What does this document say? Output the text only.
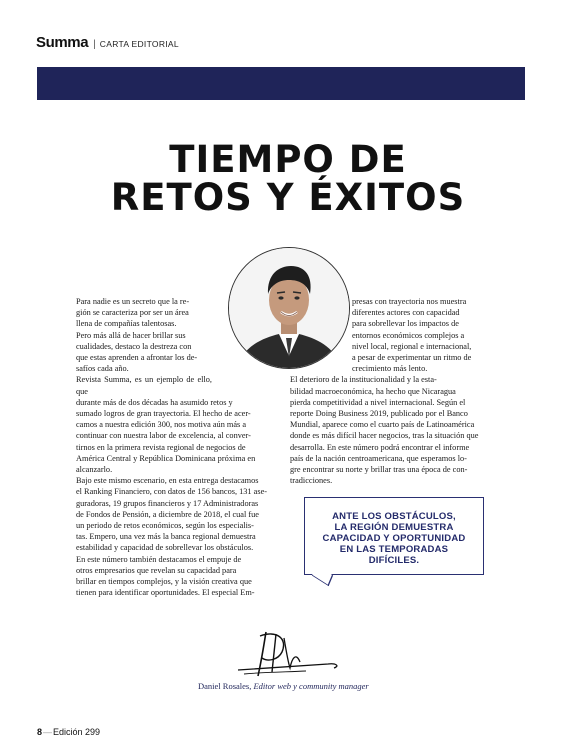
Summa | CARTA EDITORIAL
TIEMPO DE
RETOS Y ÉXITOS

Para nadie es un secreto que la re-

gión se caracteriza por ser un área

llena de compañías talentosas.

Pero más allá de hacer brillar sus

cualidades, destaco la destreza con

que estas aprenden a afrontar los de-

safíos cada año.

Revista Summa, es un ejemplo de ello, que

durante más de dos décadas ha asumido retos y

sumado logros de gran trayectoria. El hecho de acer-

camos a nuestra edición 300, nos motiva aún más a

continuar con nuestra labor de excelencia, al conver-

tirnos en la primera revista regional de negocios de

América Central y República Dominicana próxima en

alcanzarlo.

Bajo este mismo escenario, en esta entrega destacamos

el Ranking Financiero, con datos de 156 bancos, 131 ase-

guradoras, 19 grupos financieros y 17 Administradoras

de Fondos de Pensión, a diciembre de 2018, el cual fue

un periodo de retos económicos, según los especialis-

tas. Empero, una vez más la banca regional demuestra

estabilidad y capacidad de sobrellevar los obstáculos.

En este número también destacamos el empuje de

otros empresarios que revelan su capacidad para

brillar en tiempos complejos, y la visión creativa que

tienen para identificar oportunidades. El especial Em-

presas con trayectoria nos muestra

diferentes actores con capacidad

para sobrellevar los impactos de

entornos económicos complejos a

nivel local, regional e internacional,

a pesar de experimentar un ritmo de

crecimiento más lento.

El deterioro de la institucionalidad y la esta-

bilidad macroeconómica, ha hecho que Nicaragua

pierda competitividad a nivel internacional. Según el

reporte Doing Business 2019, publicado por el Banco

Mundial, aparece como el cuarto país de Latinoamérica

donde es más difícil hacer negocios, tras la situación que

desarrolla. En este número podrá encontrar el informe

país de la nación centroamericana, que esperamos lo-

gre encontrar su norte y brillar tras una época de con-

tradicciones.

ANTE LOS OBSTÁCULOS,
LA REGIÓN DEMUESTRA
CAPACIDAD Y OPORTUNIDAD
EN LAS TEMPORADAS
DIFÍCILES.
Daniel Rosales, Editor web y community manager
8—Edición 299
